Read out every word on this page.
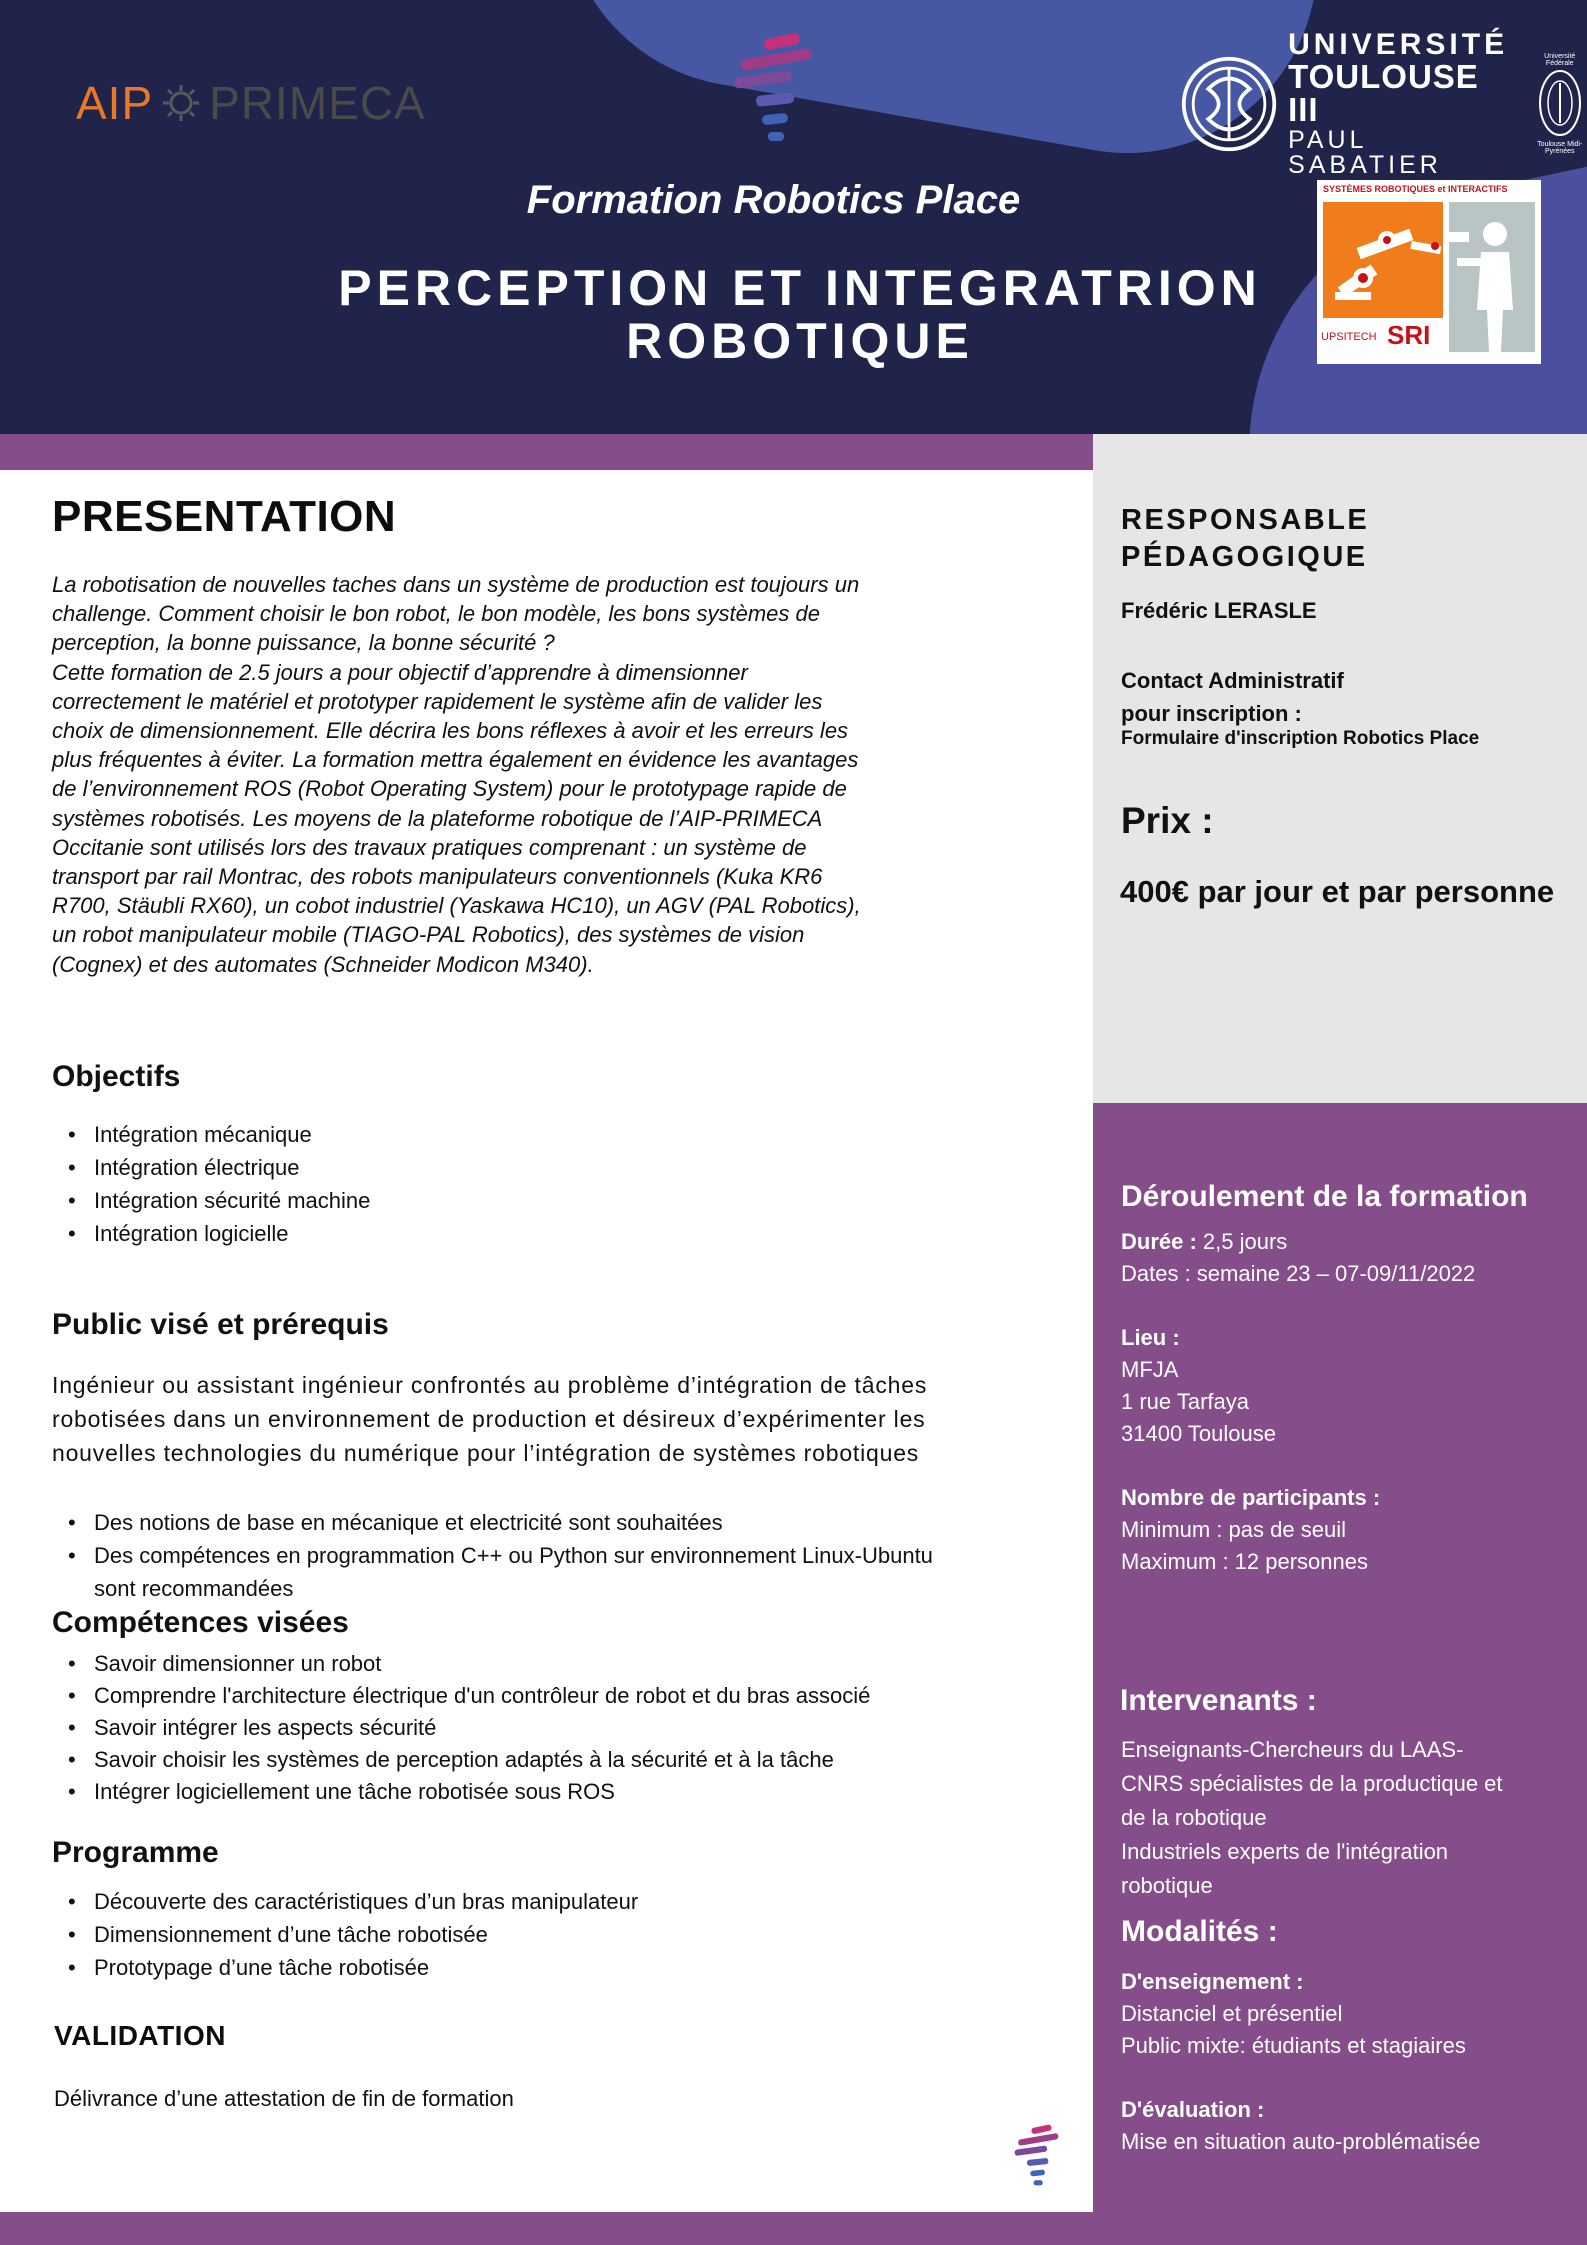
AIP PRIMECA
UNIVERSITÉ
TOULOUSE III
PAUL SABATIER
Université Fédérale
Toulouse Midi-Pyrénées
Formation Robotics Place
PERCEPTION ET INTEGRATRION
ROBOTIQUE
SYSTÈMES ROBOTIQUES et INTERACTIFS
UPSITECH SRI
PRESENTATION
La robotisation de nouvelles taches dans un système de production est toujours un
challenge. Comment choisir le bon robot, le bon modèle, les bons systèmes de
perception, la bonne puissance, la bonne sécurité ?
Cette formation de 2.5 jours a pour objectif d’apprendre à dimensionner
correctement le matériel et prototyper rapidement le système afin de valider les
choix de dimensionnement. Elle décrira les bons réflexes à avoir et les erreurs les
plus fréquentes à éviter. La formation mettra également en évidence les avantages
de l’environnement ROS (Robot Operating System) pour le prototypage rapide de
systèmes robotisés. Les moyens de la plateforme robotique de l’AIP-PRIMECA
Occitanie sont utilisés lors des travaux pratiques comprenant : un système de
transport par rail Montrac, des robots manipulateurs conventionnels (Kuka KR6
R700, Stäubli RX60), un cobot industriel (Yaskawa HC10), un AGV (PAL Robotics),
un robot manipulateur mobile (TIAGO-PAL Robotics), des systèmes de vision
(Cognex) et des automates (Schneider Modicon M340).
Objectifs
• Intégration mécanique
• Intégration électrique
• Intégration sécurité machine
• Intégration logicielle
Public visé et prérequis
Ingénieur ou assistant ingénieur confrontés au problème d’intégration de tâches
robotisées dans un environnement de production et désireux d’expérimenter les
nouvelles technologies du numérique pour l’intégration de systèmes robotiques
• Des notions de base en mécanique et electricité sont souhaitées
• Des compétences en programmation C++ ou Python sur environnement Linux-Ubuntu
sont recommandées
Compétences visées
• Savoir dimensionner un robot
• Comprendre l'architecture électrique d'un contrôleur de robot et du bras associé
• Savoir intégrer les aspects sécurité
• Savoir choisir les systèmes de perception adaptés à la sécurité et à la tâche
• Intégrer logiciellement une tâche robotisée sous ROS
Programme
• Découverte des caractéristiques d’un bras manipulateur
• Dimensionnement d’une tâche robotisée
• Prototypage d’une tâche robotisée
VALIDATION
Délivrance d’une attestation de fin de formation
RESPONSABLE
PÉDAGOGIQUE
Frédéric LERASLE
Contact Administratif
pour inscription :
Formulaire d'inscription Robotics Place
Prix :
400€ par jour et par personne
Déroulement de la formation
Durée : 2,5 jours
Dates : semaine 23 – 07-09/11/2022
Lieu :
MFJA
1 rue Tarfaya
31400 Toulouse
Nombre de participants :
Minimum : pas de seuil
Maximum : 12 personnes
Intervenants :
Enseignants-Chercheurs du LAAS-
CNRS spécialistes de la productique et
de la robotique
Industriels experts de l'intégration
robotique
Modalités :
D'enseignement :
Distanciel et présentiel
Public mixte: étudiants et stagiaires
D'évaluation :
Mise en situation auto-problématisée
